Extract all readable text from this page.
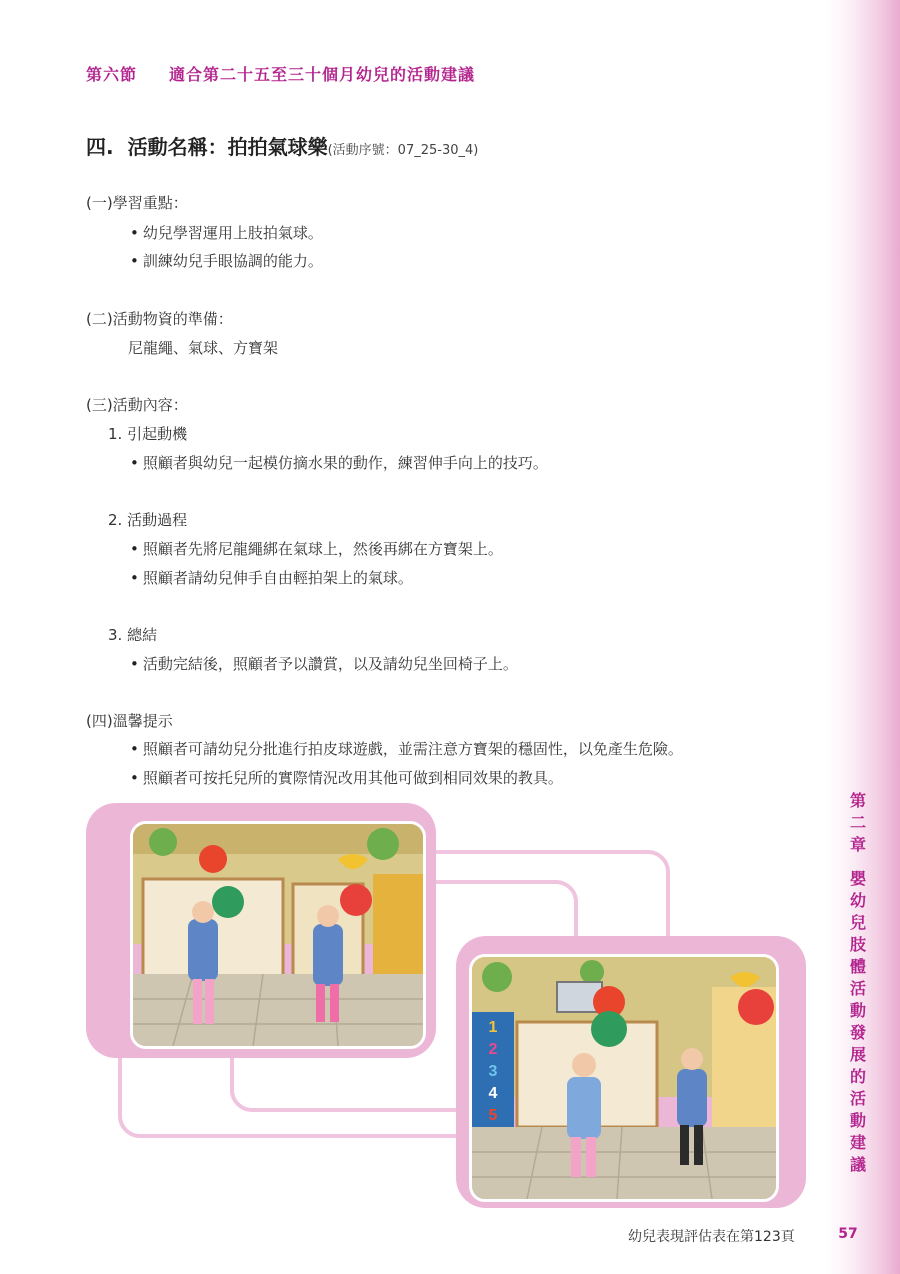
第六節 適合第二十五至三十個月幼兒的活動建議
四. 活動名稱：拍拍氣球樂(活動序號：07_25-30_4)
(一)學習重點：
• 幼兒學習運用上肢拍氣球。
• 訓練幼兒手眼協調的能力。
(二)活動物資的準備：
尼龍繩、氣球、方寶架
(三)活動內容：
1. 引起動機
• 照顧者與幼兒一起模仿摘水果的動作，練習伸手向上的技巧。
2. 活動過程
• 照顧者先將尼龍繩綁在氣球上，然後再綁在方寶架上。
• 照顧者請幼兒伸手自由輕拍架上的氣球。
3. 總結
• 活動完結後，照顧者予以讚賞，以及請幼兒坐回椅子上。
(四)溫馨提示
• 照顧者可請幼兒分批進行拍皮球遊戲，並需注意方寶架的穩固性，以免產生危險。
• 照顧者可按托兒所的實際情況改用其他可做到相同效果的教具。
1
2
3
4
5
第二章
嬰幼兒肢體活動發展的活動建議
幼兒表現評估表在第123頁	57
